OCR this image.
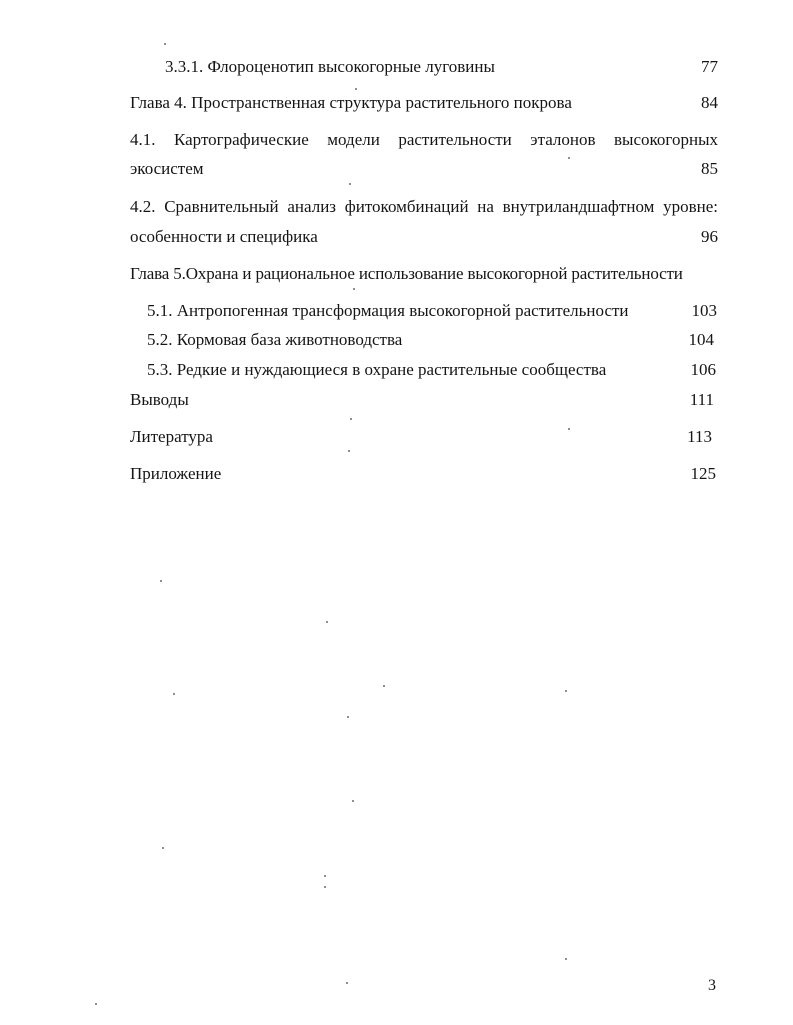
3.3.1. Флороценотип высокогорные луговины	77
Глава 4. Пространственная структура растительного покрова	84
4.1. Картографические модели растительности эталонов высокогорных
экосистем	85
4.2. Сравнительный анализ фитокомбинаций на внутриландшафтном уровне:
особенности и специфика	96
Глава 5.Охрана и рациональное использование высокогорной растительности
5.1. Антропогенная трансформация высокогорной растительности	103
5.2. Кормовая база животноводства	104
5.3. Редкие и нуждающиеся в охране растительные сообщества	106
Выводы	111
Литература	113
Приложение	125
3
